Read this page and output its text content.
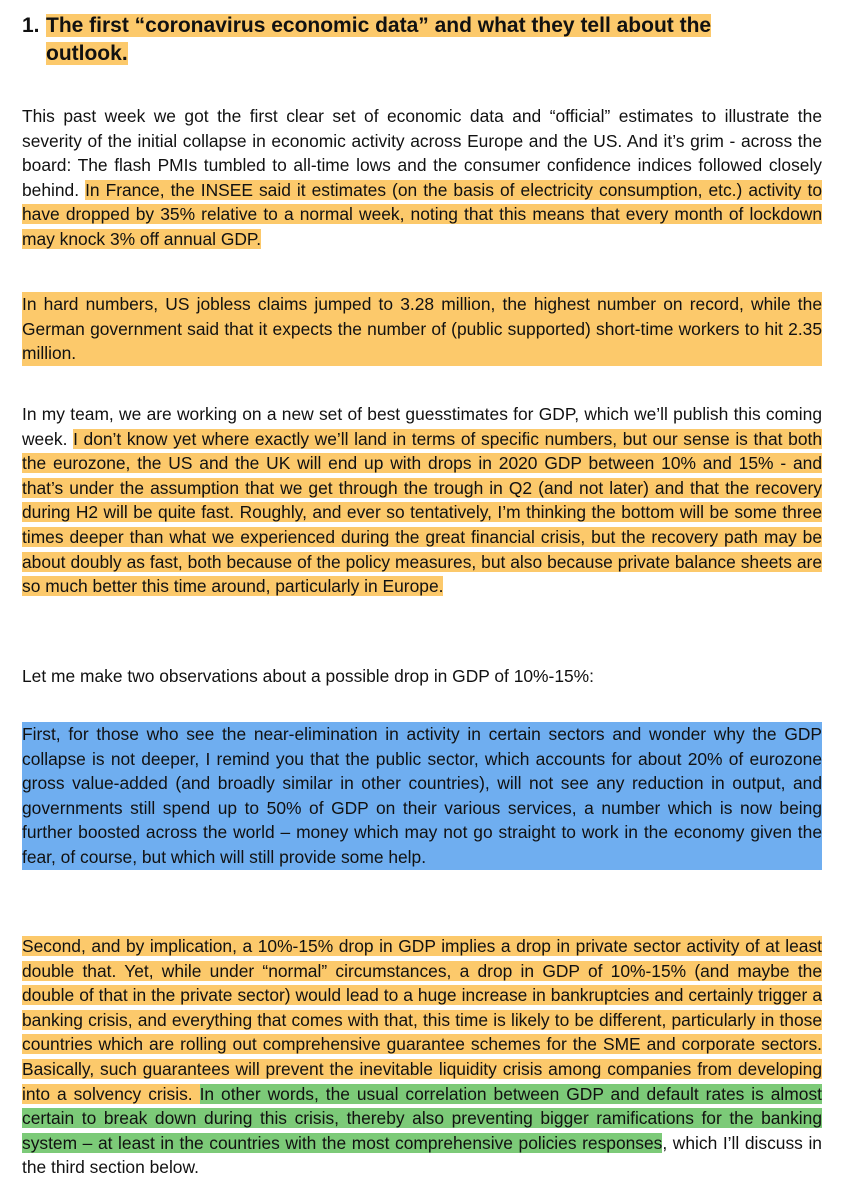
1. The first “coronavirus economic data” and what they tell about the
outlook.

This past week we got the first clear set of economic data and “official” estimates to illustrate the severity of the initial collapse in economic activity across Europe and the US. And it’s grim - across the board: The flash PMIs tumbled to all-time lows and the consumer confidence indices followed closely behind. In France, the INSEE said it estimates (on the basis of electricity consumption, etc.) activity to have dropped by 35% relative to a normal week, noting that this means that every month of lockdown may knock 3% off annual GDP.

In hard numbers, US jobless claims jumped to 3.28 million, the highest number on record, while the German government said that it expects the number of (public supported) short-time workers to hit 2.35 million.

In my team, we are working on a new set of best guesstimates for GDP, which we’ll publish this coming week. I don’t know yet where exactly we’ll land in terms of specific numbers, but our sense is that both the eurozone, the US and the UK will end up with drops in 2020 GDP between 10% and 15% - and that’s under the assumption that we get through the trough in Q2 (and not later) and that the recovery during H2 will be quite fast. Roughly, and ever so tentatively, I’m thinking the bottom will be some three times deeper than what we experienced during the great financial crisis, but the recovery path may be about doubly as fast, both because of the policy measures, but also because private balance sheets are so much better this time around, particularly in Europe.

Let me make two observations about a possible drop in GDP of 10%-15%:

First, for those who see the near-elimination in activity in certain sectors and wonder why the GDP collapse is not deeper, I remind you that the public sector, which accounts for about 20% of eurozone gross value-added (and broadly similar in other countries), will not see any reduction in output, and governments still spend up to 50% of GDP on their various services, a number which is now being further boosted across the world – money which may not go straight to work in the economy given the fear, of course, but which will still provide some help.

Second, and by implication, a 10%-15% drop in GDP implies a drop in private sector activity of at least double that. Yet, while under “normal” circumstances, a drop in GDP of 10%-15% (and maybe the double of that in the private sector) would lead to a huge increase in bankruptcies and certainly trigger a banking crisis, and everything that comes with that, this time is likely to be different, particularly in those countries which are rolling out comprehensive guarantee schemes for the SME and corporate sectors. Basically, such guarantees will prevent the inevitable liquidity crisis among companies from developing into a solvency crisis. In other words, the usual correlation between GDP and default rates is almost certain to break down during this crisis, thereby also preventing bigger ramifications for the banking system – at least in the countries with the most comprehensive policies responses, which I’ll discuss in the third section below.
